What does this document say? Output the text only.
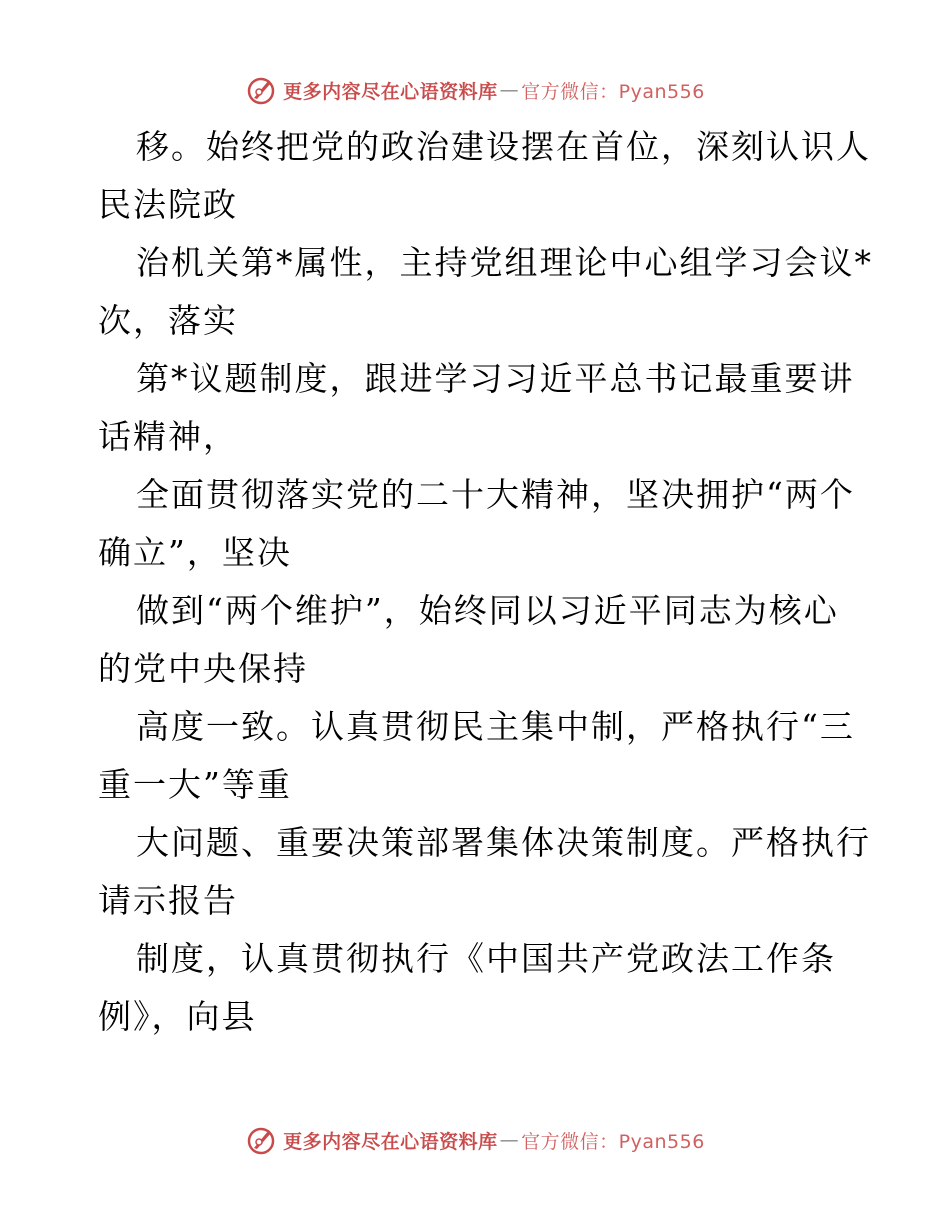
更多内容尽在心语资料库 — 官方微信：Pyan556
移。始终把党的政治建设摆在首位，深刻认识人
民法院政
治机关第*属性，主持党组理论中心组学习会议*
次，落实
第*议题制度，跟进学习习近平总书记最重要讲
话精神，
全面贯彻落实党的二十大精神，坚决拥护“两个
确立”，坚决
做到“两个维护”，始终同以习近平同志为核心
的党中央保持
高度一致。认真贯彻民主集中制，严格执行“三
重一大”等重
大问题、重要决策部署集体决策制度。严格执行
请示报告
制度，认真贯彻执行《中国共产党政法工作条
例》，向县
更多内容尽在心语资料库 — 官方微信：Pyan556
